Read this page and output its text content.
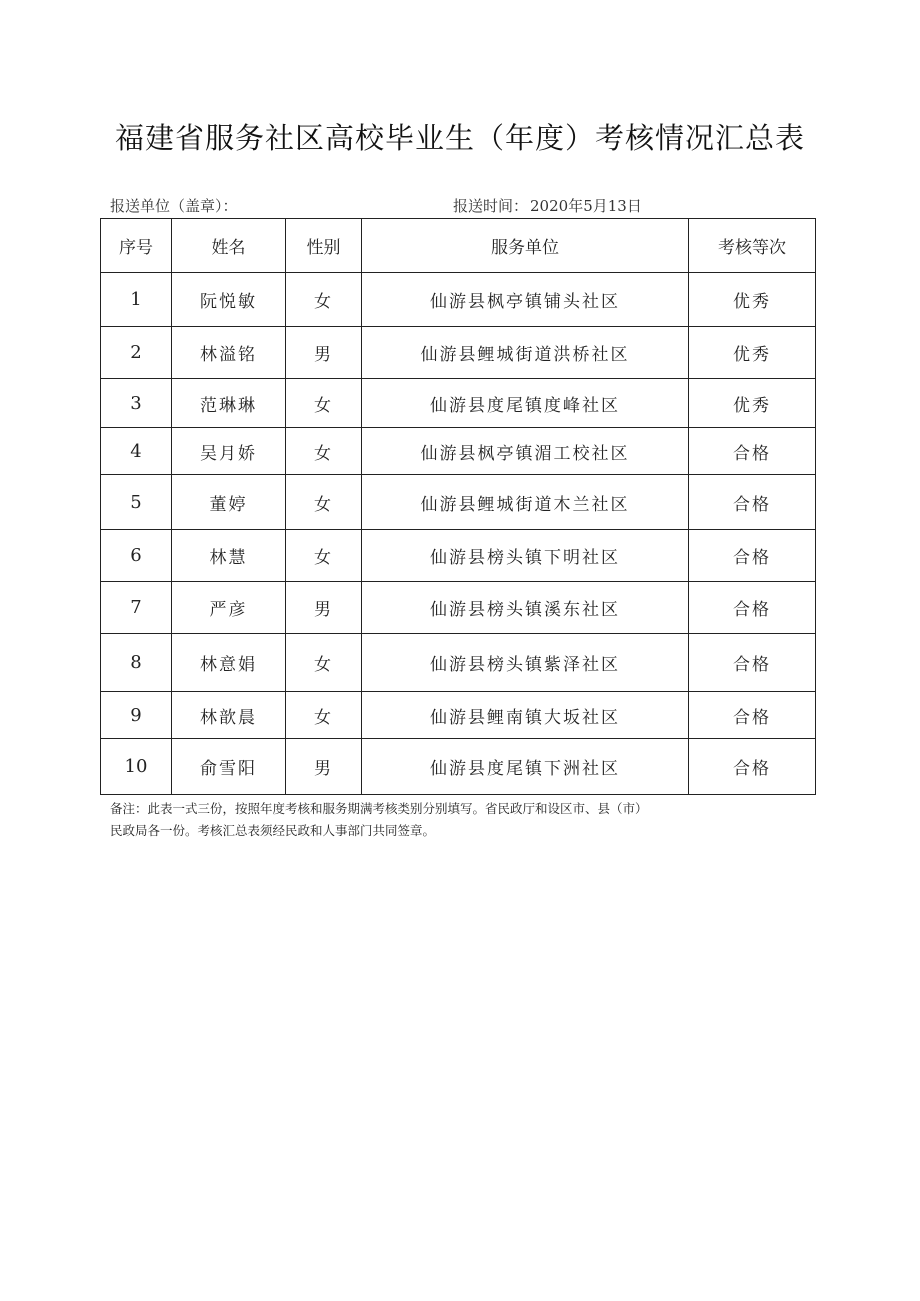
福建省服务社区高校毕业生（年度）考核情况汇总表
报送单位（盖章）：	报送时间： 2020年5月13日
序号	姓名	性别	服务单位	考核等次
1	阮悦敏	女	仙游县枫亭镇铺头社区	优秀
2	林溢铭	男	仙游县鲤城街道洪桥社区	优秀
3	范琳琳	女	仙游县度尾镇度峰社区	优秀
4	吴月娇	女	仙游县枫亭镇湄工校社区	合格
5	董婷	女	仙游县鲤城街道木兰社区	合格
6	林慧	女	仙游县榜头镇下明社区	合格
7	严彦	男	仙游县榜头镇溪东社区	合格
8	林意娟	女	仙游县榜头镇紫泽社区	合格
9	林歆晨	女	仙游县鲤南镇大坂社区	合格
10	俞雪阳	男	仙游县度尾镇下洲社区	合格
备注：此表一式三份，按照年度考核和服务期满考核类别分别填写。省民政厅和设区市、县（市）
民政局各一份。考核汇总表须经民政和人事部门共同签章。
